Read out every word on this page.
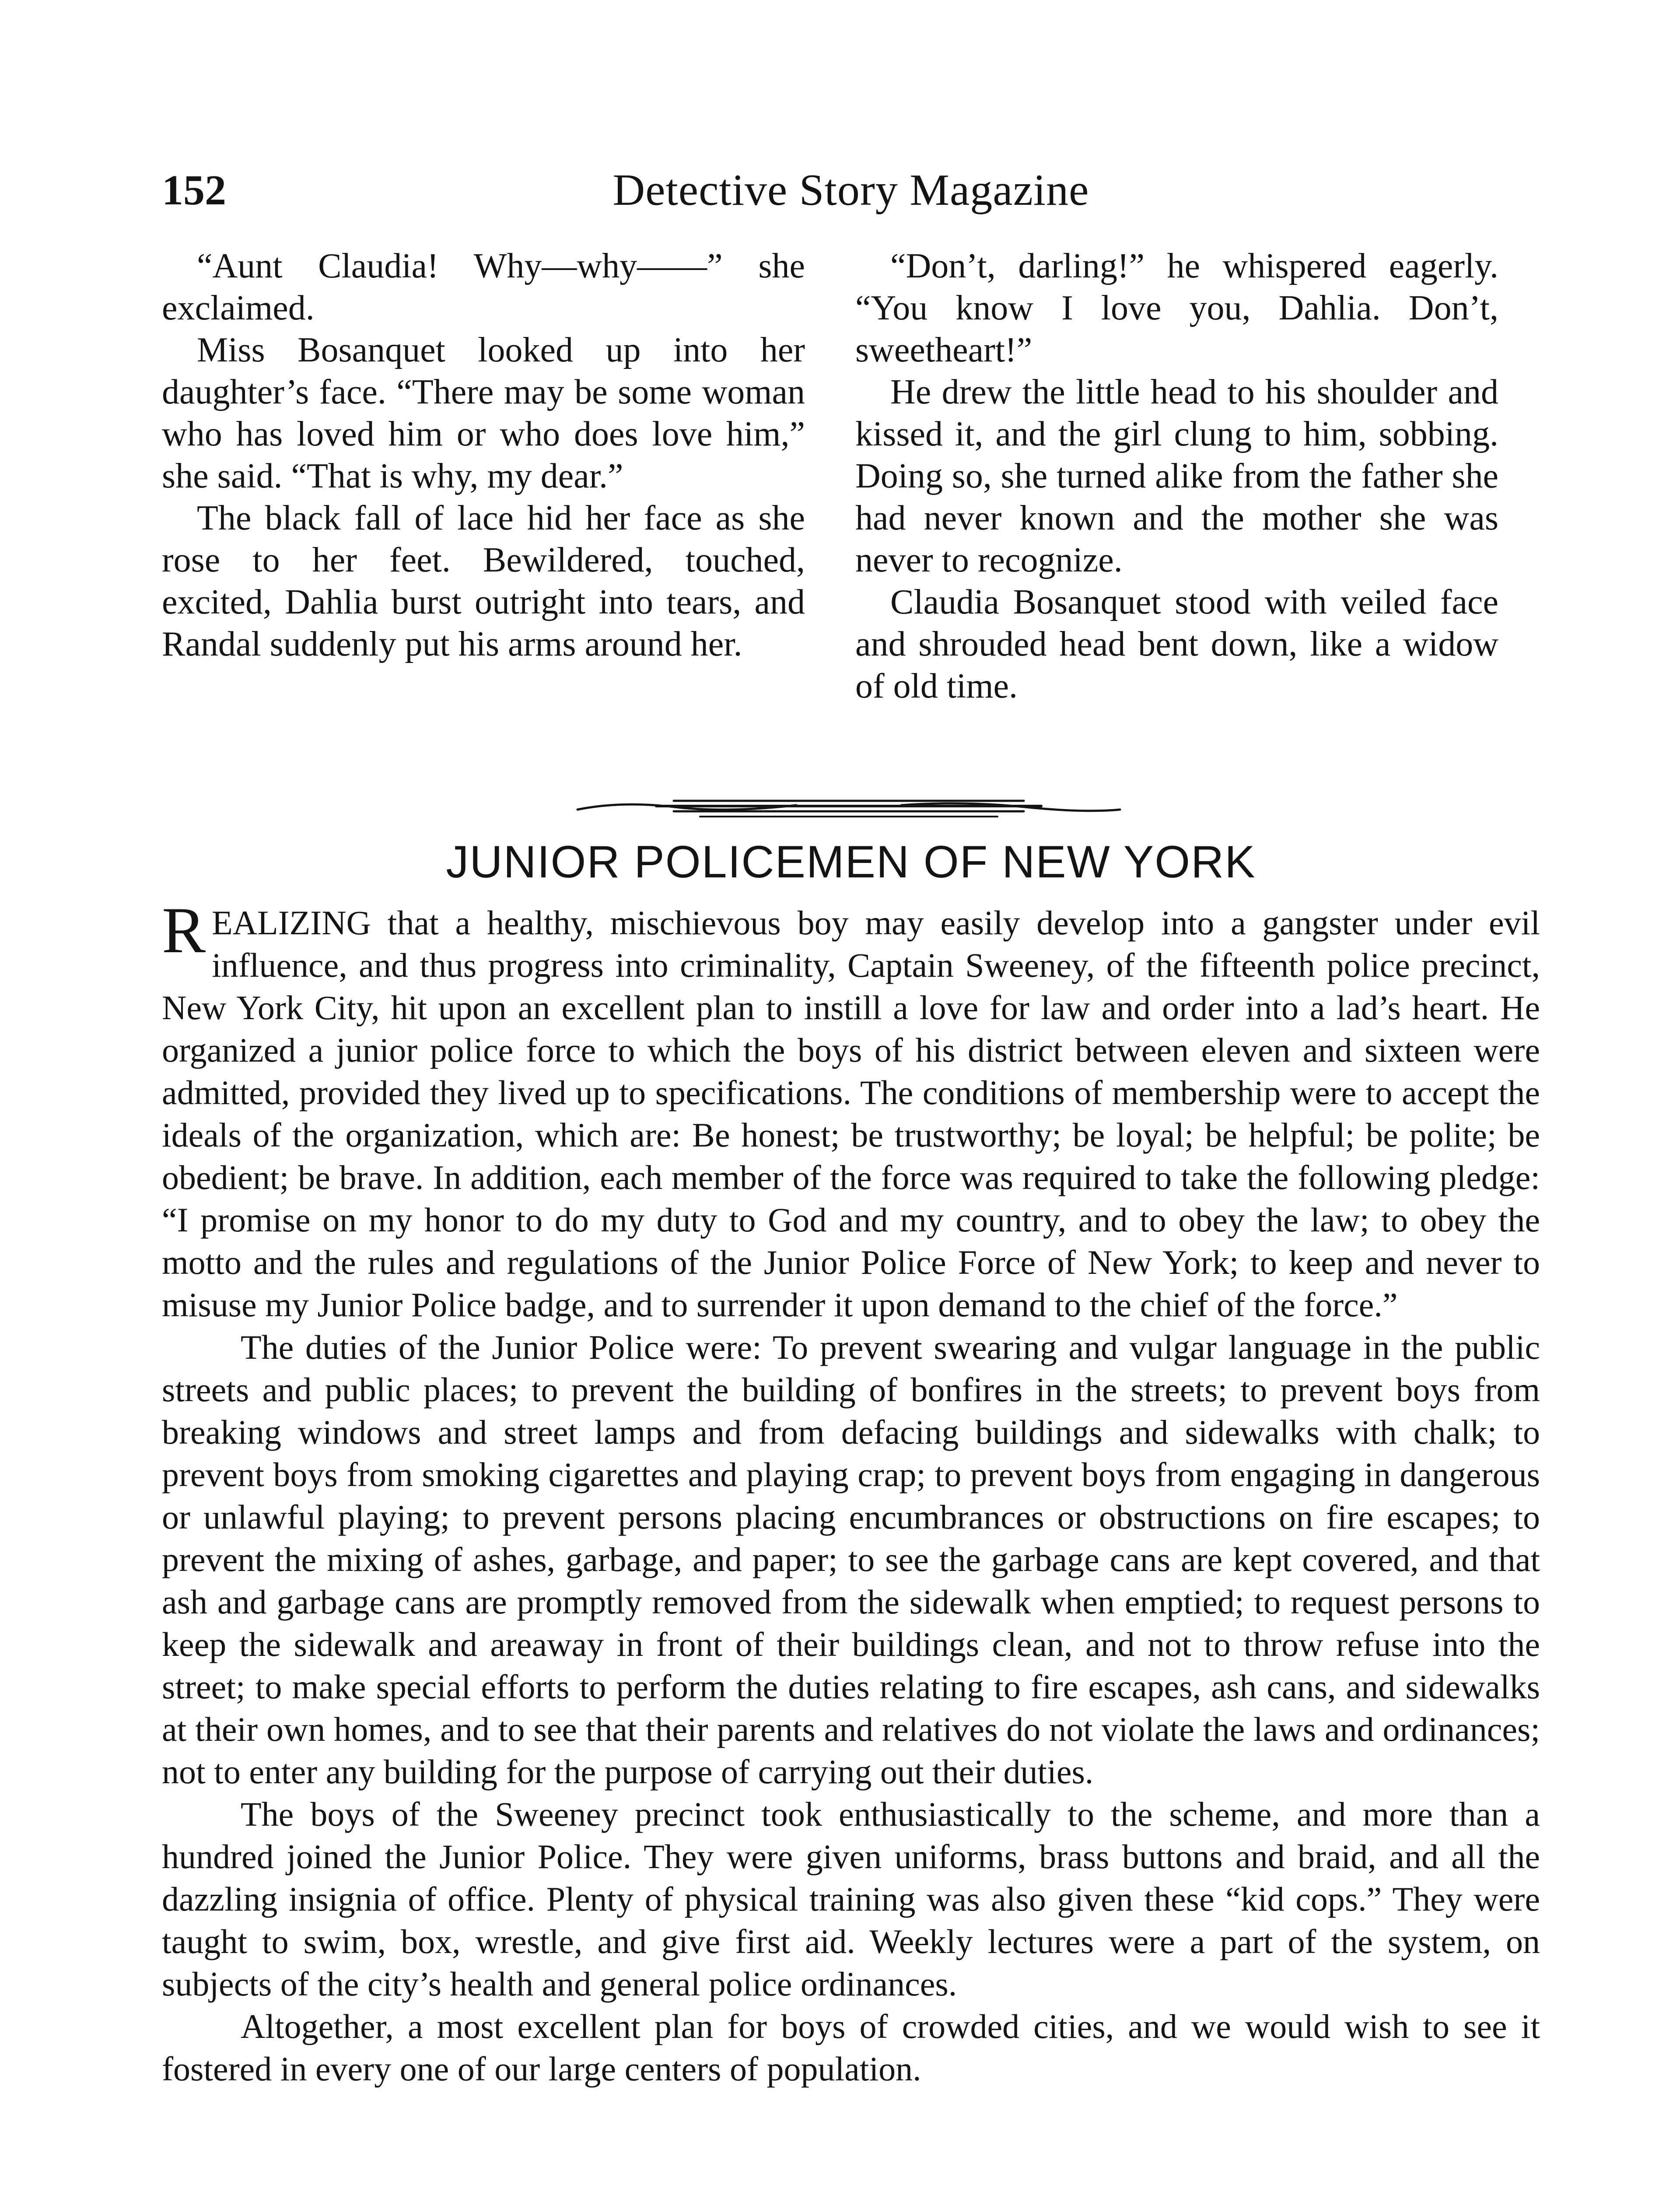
152	Detective Story Magazine

“Aunt Claudia! Why—why——” she exclaimed.

Miss Bosanquet looked up into her daughter’s face. “There may be some woman who has loved him or who does love him,” she said. “That is why, my dear.”

The black fall of lace hid her face as she rose to her feet. Bewildered, touched, excited, Dahlia burst outright into tears, and Randal suddenly put his arms around her.

“Don’t, darling!” he whispered eagerly. “You know I love you, Dahlia. Don’t, sweetheart!”

He drew the little head to his shoulder and kissed it, and the girl clung to him, sobbing. Doing so, she turned alike from the father she had never known and the mother she was never to recognize.

Claudia Bosanquet stood with veiled face and shrouded head bent down, like a widow of old time.

JUNIOR POLICEMEN OF NEW YORK

REALIZING that a healthy, mischievous boy may easily develop into a gangster under evil influence, and thus progress into criminality, Captain Sweeney, of the fifteenth police precinct, New York City, hit upon an excellent plan to instill a love for law and order into a lad’s heart. He organized a junior police force to which the boys of his district between eleven and sixteen were admitted, provided they lived up to specifications. The conditions of membership were to accept the ideals of the organization, which are: Be honest; be trustworthy; be loyal; be helpful; be polite; be obedient; be brave. In addition, each member of the force was required to take the following pledge: “I promise on my honor to do my duty to God and my country, and to obey the law; to obey the motto and the rules and regulations of the Junior Police Force of New York; to keep and never to misuse my Junior Police badge, and to surrender it upon demand to the chief of the force.”

The duties of the Junior Police were: To prevent swearing and vulgar language in the public streets and public places; to prevent the building of bonfires in the streets; to prevent boys from breaking windows and street lamps and from defacing buildings and sidewalks with chalk; to prevent boys from smoking cigarettes and playing crap; to prevent boys from engaging in dangerous or unlawful playing; to prevent persons placing encumbrances or obstructions on fire escapes; to prevent the mixing of ashes, garbage, and paper; to see the garbage cans are kept covered, and that ash and garbage cans are promptly removed from the sidewalk when emptied; to request persons to keep the sidewalk and areaway in front of their buildings clean, and not to throw refuse into the street; to make special efforts to perform the duties relating to fire escapes, ash cans, and sidewalks at their own homes, and to see that their parents and relatives do not violate the laws and ordinances; not to enter any building for the purpose of carrying out their duties.

The boys of the Sweeney precinct took enthusiastically to the scheme, and more than a hundred joined the Junior Police. They were given uniforms, brass buttons and braid, and all the dazzling insignia of office. Plenty of physical training was also given these “kid cops.” They were taught to swim, box, wrestle, and give first aid. Weekly lectures were a part of the system, on subjects of the city’s health and general police ordinances.

Altogether, a most excellent plan for boys of crowded cities, and we would wish to see it fostered in every one of our large centers of population.
